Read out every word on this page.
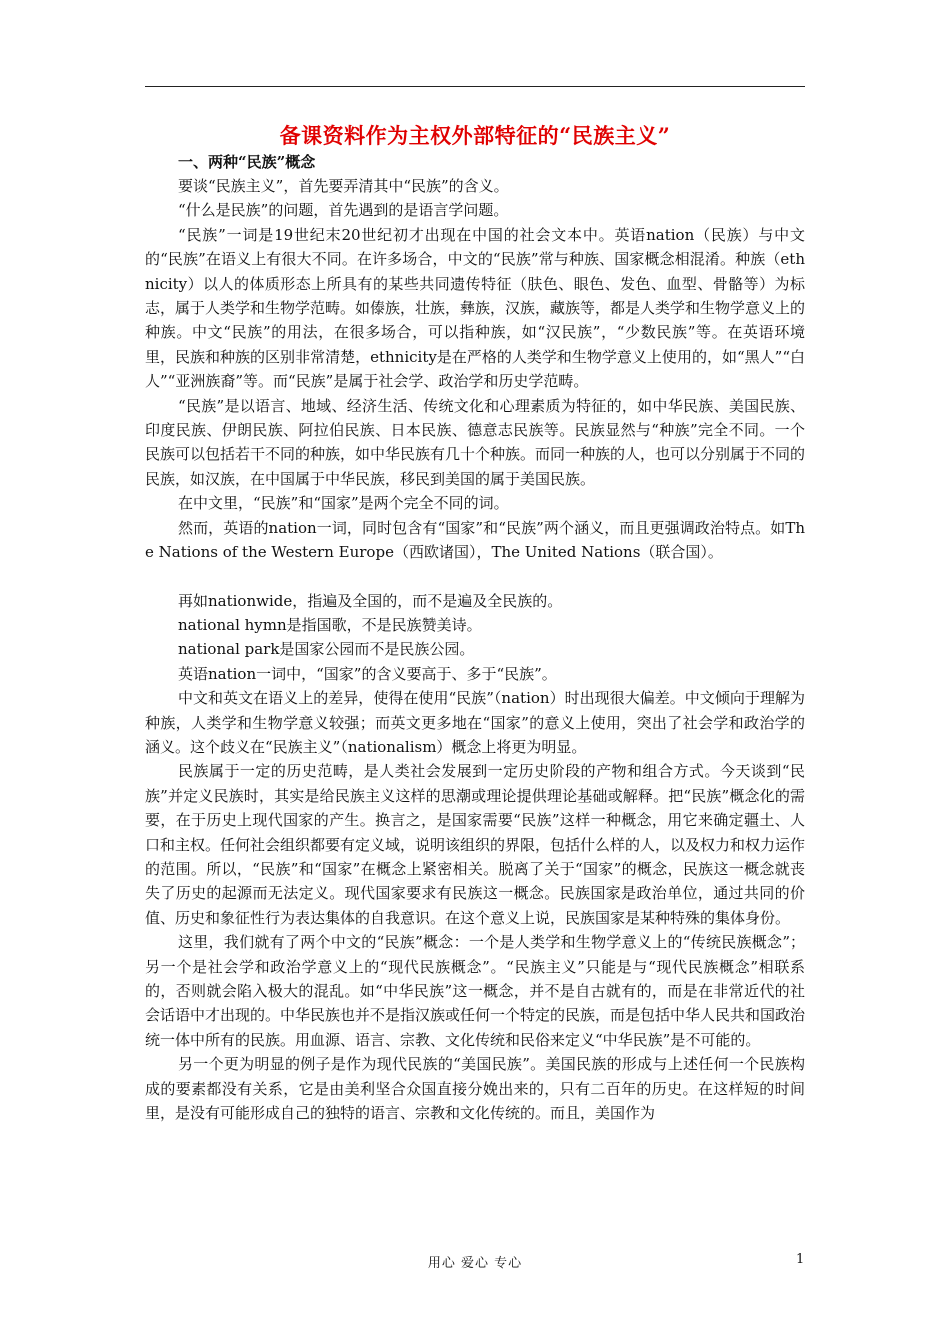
备课资料作为主权外部特征的“民族主义”
一、两种“民族”概念

要谈“民族主义”，首先要弄清其中“民族”的含义。

“什么是民族”的问题，首先遇到的是语言学问题。

“民族”一词是19世纪末20世纪初才出现在中国的社会文本中。英语nation（民族）与中文的“民族”在语义上有很大不同。在许多场合，中文的“民族”常与种族、国家概念相混淆。种族（ethnicity）以人的体质形态上所具有的某些共同遗传特征（肤色、眼色、发色、血型、骨骼等）为标志，属于人类学和生物学范畴。如傣族，壮族，彝族，汉族，藏族等，都是人类学和生物学意义上的种族。中文“民族”的用法，在很多场合，可以指种族，如“汉民族”，“少数民族”等。在英语环境里，民族和种族的区别非常清楚，ethnicity是在严格的人类学和生物学意义上使用的，如“黑人”“白人”“亚洲族裔”等。而“民族”是属于社会学、政治学和历史学范畴。

“民族”是以语言、地域、经济生活、传统文化和心理素质为特征的，如中华民族、美国民族、印度民族、伊朗民族、阿拉伯民族、日本民族、德意志民族等。民族显然与“种族”完全不同。一个民族可以包括若干不同的种族，如中华民族有几十个种族。而同一种族的人，也可以分别属于不同的民族，如汉族，在中国属于中华民族，移民到美国的属于美国民族。

在中文里，“民族”和“国家”是两个完全不同的词。

然而，英语的nation一词，同时包含有“国家”和“民族”两个涵义，而且更强调政治特点。如The Nations of the Western Europe（西欧诸国），The United Nations（联合国）。

再如nationwide，指遍及全国的，而不是遍及全民族的。

national hymn是指国歌，不是民族赞美诗。

national park是国家公园而不是民族公园。

英语nation一词中，“国家”的含义要高于、多于“民族”。

中文和英文在语义上的差异，使得在使用“民族”（nation）时出现很大偏差。中文倾向于理解为种族，人类学和生物学意义较强；而英文更多地在“国家”的意义上使用，突出了社会学和政治学的涵义。这个歧义在“民族主义”（nationalism）概念上将更为明显。

民族属于一定的历史范畴，是人类社会发展到一定历史阶段的产物和组合方式。今天谈到“民族”并定义民族时，其实是给民族主义这样的思潮或理论提供理论基础或解释。把“民族”概念化的需要，在于历史上现代国家的产生。换言之，是国家需要“民族”这样一种概念，用它来确定疆土、人口和主权。任何社会组织都要有定义域，说明该组织的界限，包括什么样的人，以及权力和权力运作的范围。所以，“民族”和“国家”在概念上紧密相关。脱离了关于“国家”的概念，民族这一概念就丧失了历史的起源而无法定义。现代国家要求有民族这一概念。民族国家是政治单位，通过共同的价值、历史和象征性行为表达集体的自我意识。在这个意义上说，民族国家是某种特殊的集体身份。

这里，我们就有了两个中文的“民族”概念：一个是人类学和生物学意义上的“传统民族概念”；另一个是社会学和政治学意义上的“现代民族概念”。“民族主义”只能是与“现代民族概念”相联系的，否则就会陷入极大的混乱。如“中华民族”这一概念，并不是自古就有的，而是在非常近代的社会话语中才出现的。中华民族也并不是指汉族或任何一个特定的民族，而是包括中华人民共和国政治统一体中所有的民族。用血源、语言、宗教、文化传统和民俗来定义“中华民族”是不可能的。

另一个更为明显的例子是作为现代民族的“美国民族”。美国民族的形成与上述任何一个民族构成的要素都没有关系，它是由美利坚合众国直接分娩出来的，只有二百年的历史。在这样短的时间里，是没有可能形成自己的独特的语言、宗教和文化传统的。而且，美国作为

用心 爱心 专心	1
